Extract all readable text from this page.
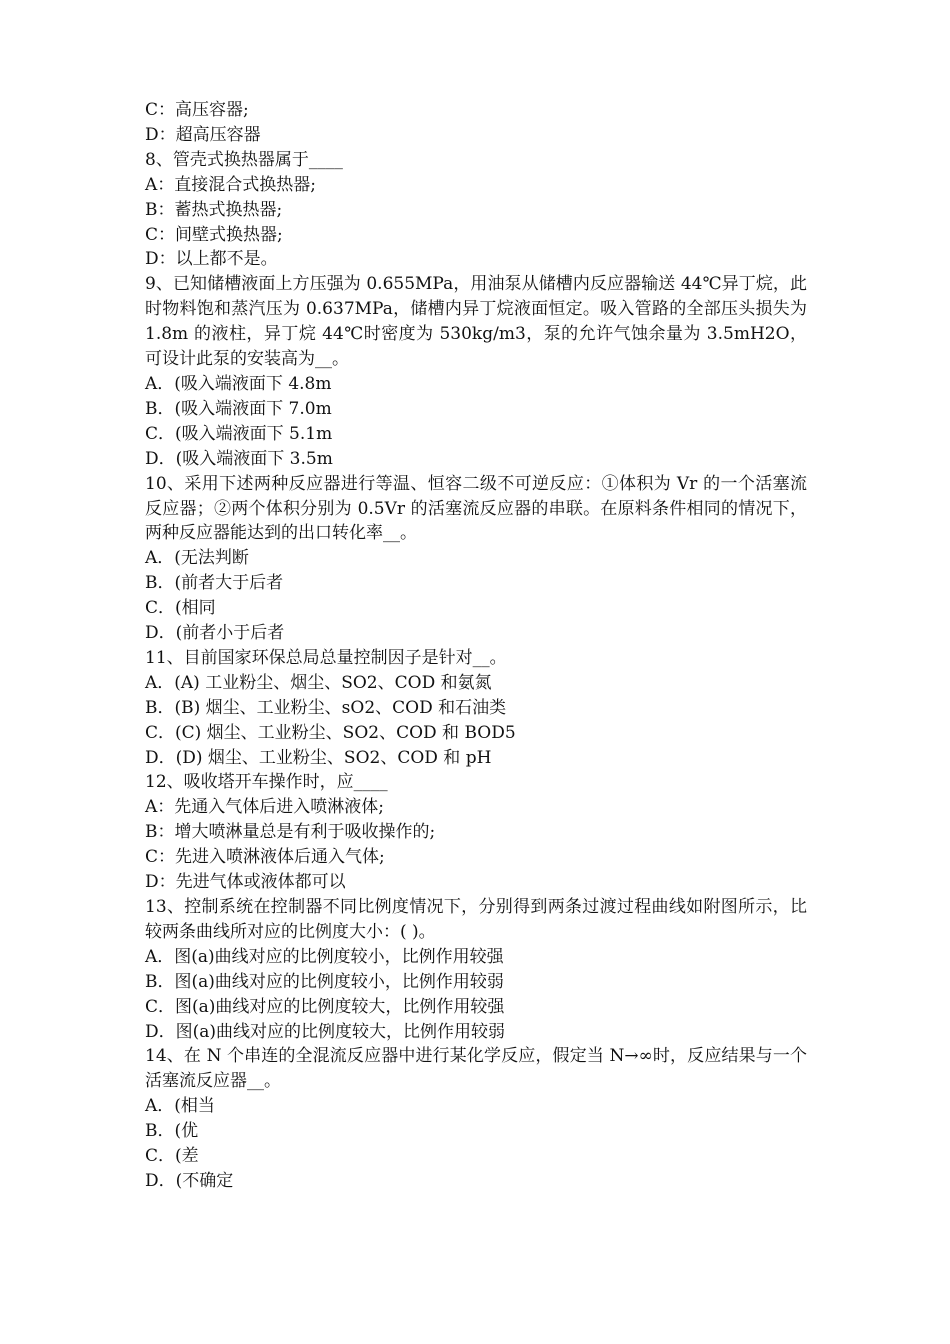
C：高压容器;
D：超高压容器
8、管壳式换热器属于____
A：直接混合式换热器;
B：蓄热式换热器;
C：间壁式换热器;
D：以上都不是。
9、已知储槽液面上方压强为 0.655MPa，用油泵从储槽内反应器输送 44℃异丁烷，此时物料饱和蒸汽压为 0.637MPa，储槽内异丁烷液面恒定。吸入管路的全部压头损失为 1.8m 的液柱，异丁烷 44℃时密度为 530kg/m3，泵的允许气蚀余量为 3.5mH2O，可设计此泵的安装高为__。
A．(吸入端液面下 4.8m
B．(吸入端液面下 7.0m
C．(吸入端液面下 5.1m
D．(吸入端液面下 3.5m
10、采用下述两种反应器进行等温、恒容二级不可逆反应：①体积为 Vr 的一个活塞流反应器；②两个体积分别为 0.5Vr 的活塞流反应器的串联。在原料条件相同的情况下，两种反应器能达到的出口转化率__。
A．(无法判断
B．(前者大于后者
C．(相同
D．(前者小于后者
11、目前国家环保总局总量控制因子是针对__。
A．(A) 工业粉尘、烟尘、SO2、COD 和氨氮
B．(B) 烟尘、工业粉尘、sO2、COD 和石油类
C．(C) 烟尘、工业粉尘、SO2、COD 和 BOD5
D．(D) 烟尘、工业粉尘、SO2、COD 和 pH
12、吸收塔开车操作时，应____
A：先通入气体后进入喷淋液体;
B：增大喷淋量总是有利于吸收操作的;
C：先进入喷淋液体后通入气体;
D：先进气体或液体都可以
13、控制系统在控制器不同比例度情况下，分别得到两条过渡过程曲线如附图所示，比较两条曲线所对应的比例度大小：( )。
A．图(a)曲线对应的比例度较小，比例作用较强
B．图(a)曲线对应的比例度较小，比例作用较弱
C．图(a)曲线对应的比例度较大，比例作用较强
D．图(a)曲线对应的比例度较大，比例作用较弱
14、在 N 个串连的全混流反应器中进行某化学反应，假定当 N→∞时，反应结果与一个活塞流反应器__。
A．(相当
B．(优
C．(差
D．(不确定
